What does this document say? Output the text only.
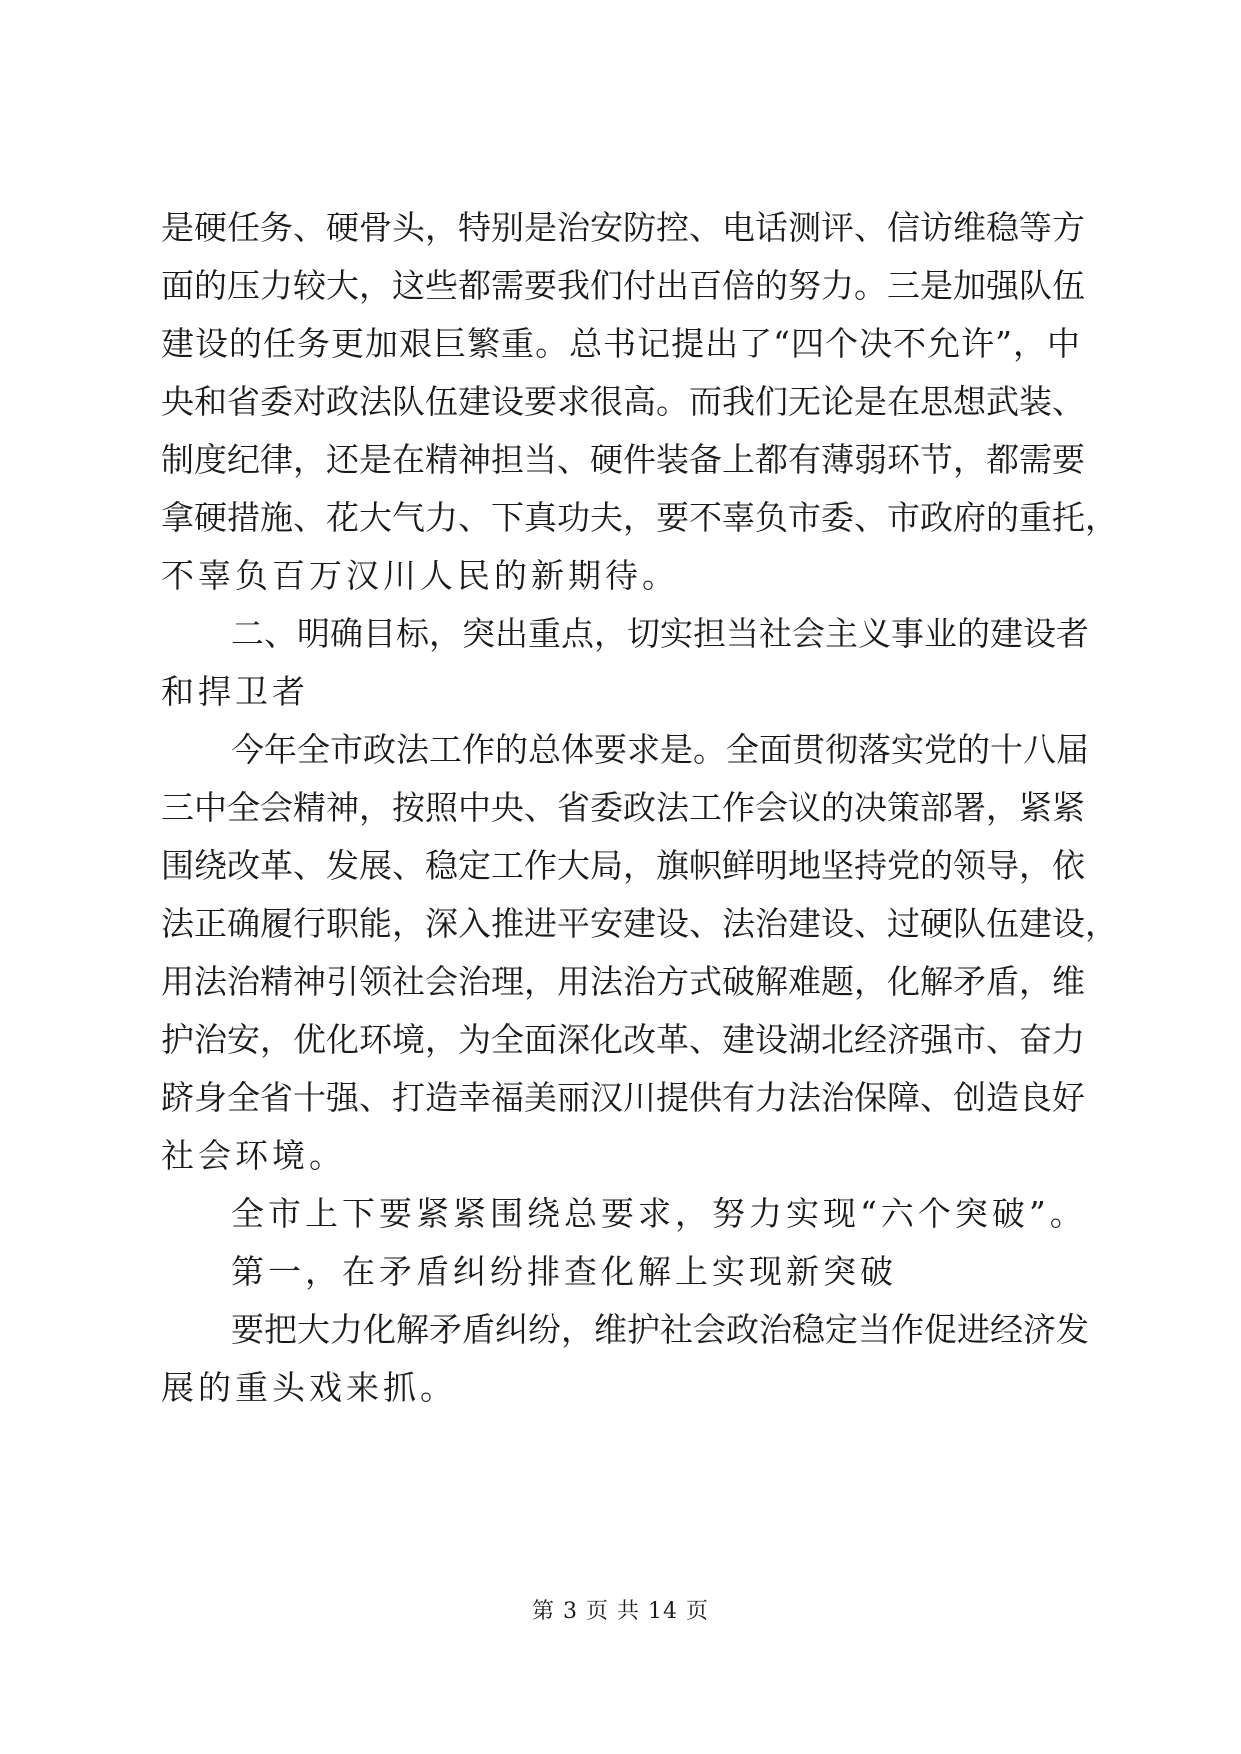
是硬任务、硬骨头，特别是治安防控、电话测评、信访维稳等方
面的压力较大，这些都需要我们付出百倍的努力。三是加强队伍
建设的任务更加艰巨繁重。总书记提出了“四个决不允许”，中
央和省委对政法队伍建设要求很高。而我们无论是在思想武装、
制度纪律，还是在精神担当、硬件装备上都有薄弱环节，都需要
拿硬措施、花大气力、下真功夫，要不辜负市委、市政府的重托，
不辜负百万汉川人民的新期待。
二、明确目标，突出重点，切实担当社会主义事业的建设者
和捍卫者
今年全市政法工作的总体要求是。全面贯彻落实党的十八届
三中全会精神，按照中央、省委政法工作会议的决策部署，紧紧
围绕改革、发展、稳定工作大局，旗帜鲜明地坚持党的领导，依
法正确履行职能，深入推进平安建设、法治建设、过硬队伍建设，
用法治精神引领社会治理，用法治方式破解难题，化解矛盾，维
护治安，优化环境，为全面深化改革、建设湖北经济强市、奋力
跻身全省十强、打造幸福美丽汉川提供有力法治保障、创造良好
社会环境。
全市上下要紧紧围绕总要求，努力实现“六个突破”。
第一，在矛盾纠纷排查化解上实现新突破
要把大力化解矛盾纠纷，维护社会政治稳定当作促进经济发
展的重头戏来抓。
第 3 页 共 14 页
